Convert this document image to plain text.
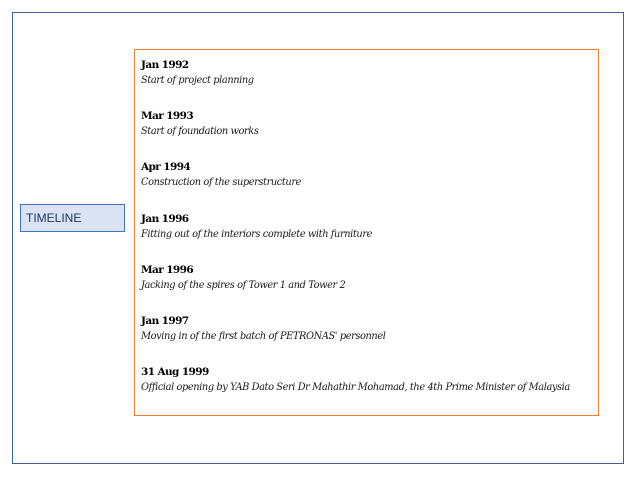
TIMELINE
Jan 1992
Start of project planning
Mar 1993
Start of foundation works
Apr 1994
Construction of the superstructure
Jan 1996
Fitting out of the interiors complete with furniture
Mar 1996
Jacking of the spires of Tower 1 and Tower 2
Jan 1997
Moving in of the first batch of PETRONAS' personnel
31 Aug 1999
Official opening by YAB Dato Seri Dr Mahathir Mohamad, the 4th Prime Minister of Malaysia
